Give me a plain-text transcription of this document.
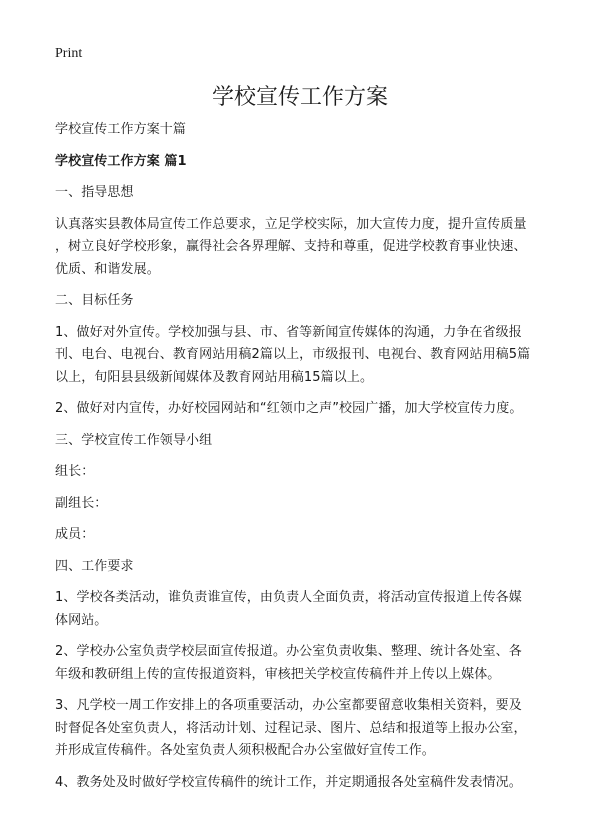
Print
学校宣传工作方案
学校宣传工作方案十篇
学校宣传工作方案 篇1
一、指导思想
认真落实县教体局宣传工作总要求，立足学校实际，加大宣传力度，提升宣传质量
，树立良好学校形象，赢得社会各界理解、支持和尊重，促进学校教育事业快速、
优质、和谐发展。
二、目标任务
1、做好对外宣传。学校加强与县、市、省等新闻宣传媒体的沟通，力争在省级报
刊、电台、电视台、教育网站用稿2篇以上，市级报刊、电视台、教育网站用稿5篇
以上，旬阳县县级新闻媒体及教育网站用稿15篇以上。
2、做好对内宣传，办好校园网站和“红领巾之声”校园广播，加大学校宣传力度。
三、学校宣传工作领导小组
组长：
副组长：
成员：
四、工作要求
1、学校各类活动，谁负责谁宣传，由负责人全面负责，将活动宣传报道上传各媒
体网站。
2、学校办公室负责学校层面宣传报道。办公室负责收集、整理、统计各处室、各
年级和教研组上传的宣传报道资料，审核把关学校宣传稿件并上传以上媒体。
3、凡学校一周工作安排上的各项重要活动，办公室都要留意收集相关资料，要及
时督促各处室负责人，将活动计划、过程记录、图片、总结和报道等上报办公室，
并形成宣传稿件。各处室负责人须积极配合办公室做好宣传工作。
4、教务处及时做好学校宣传稿件的统计工作，并定期通报各处室稿件发表情况。
